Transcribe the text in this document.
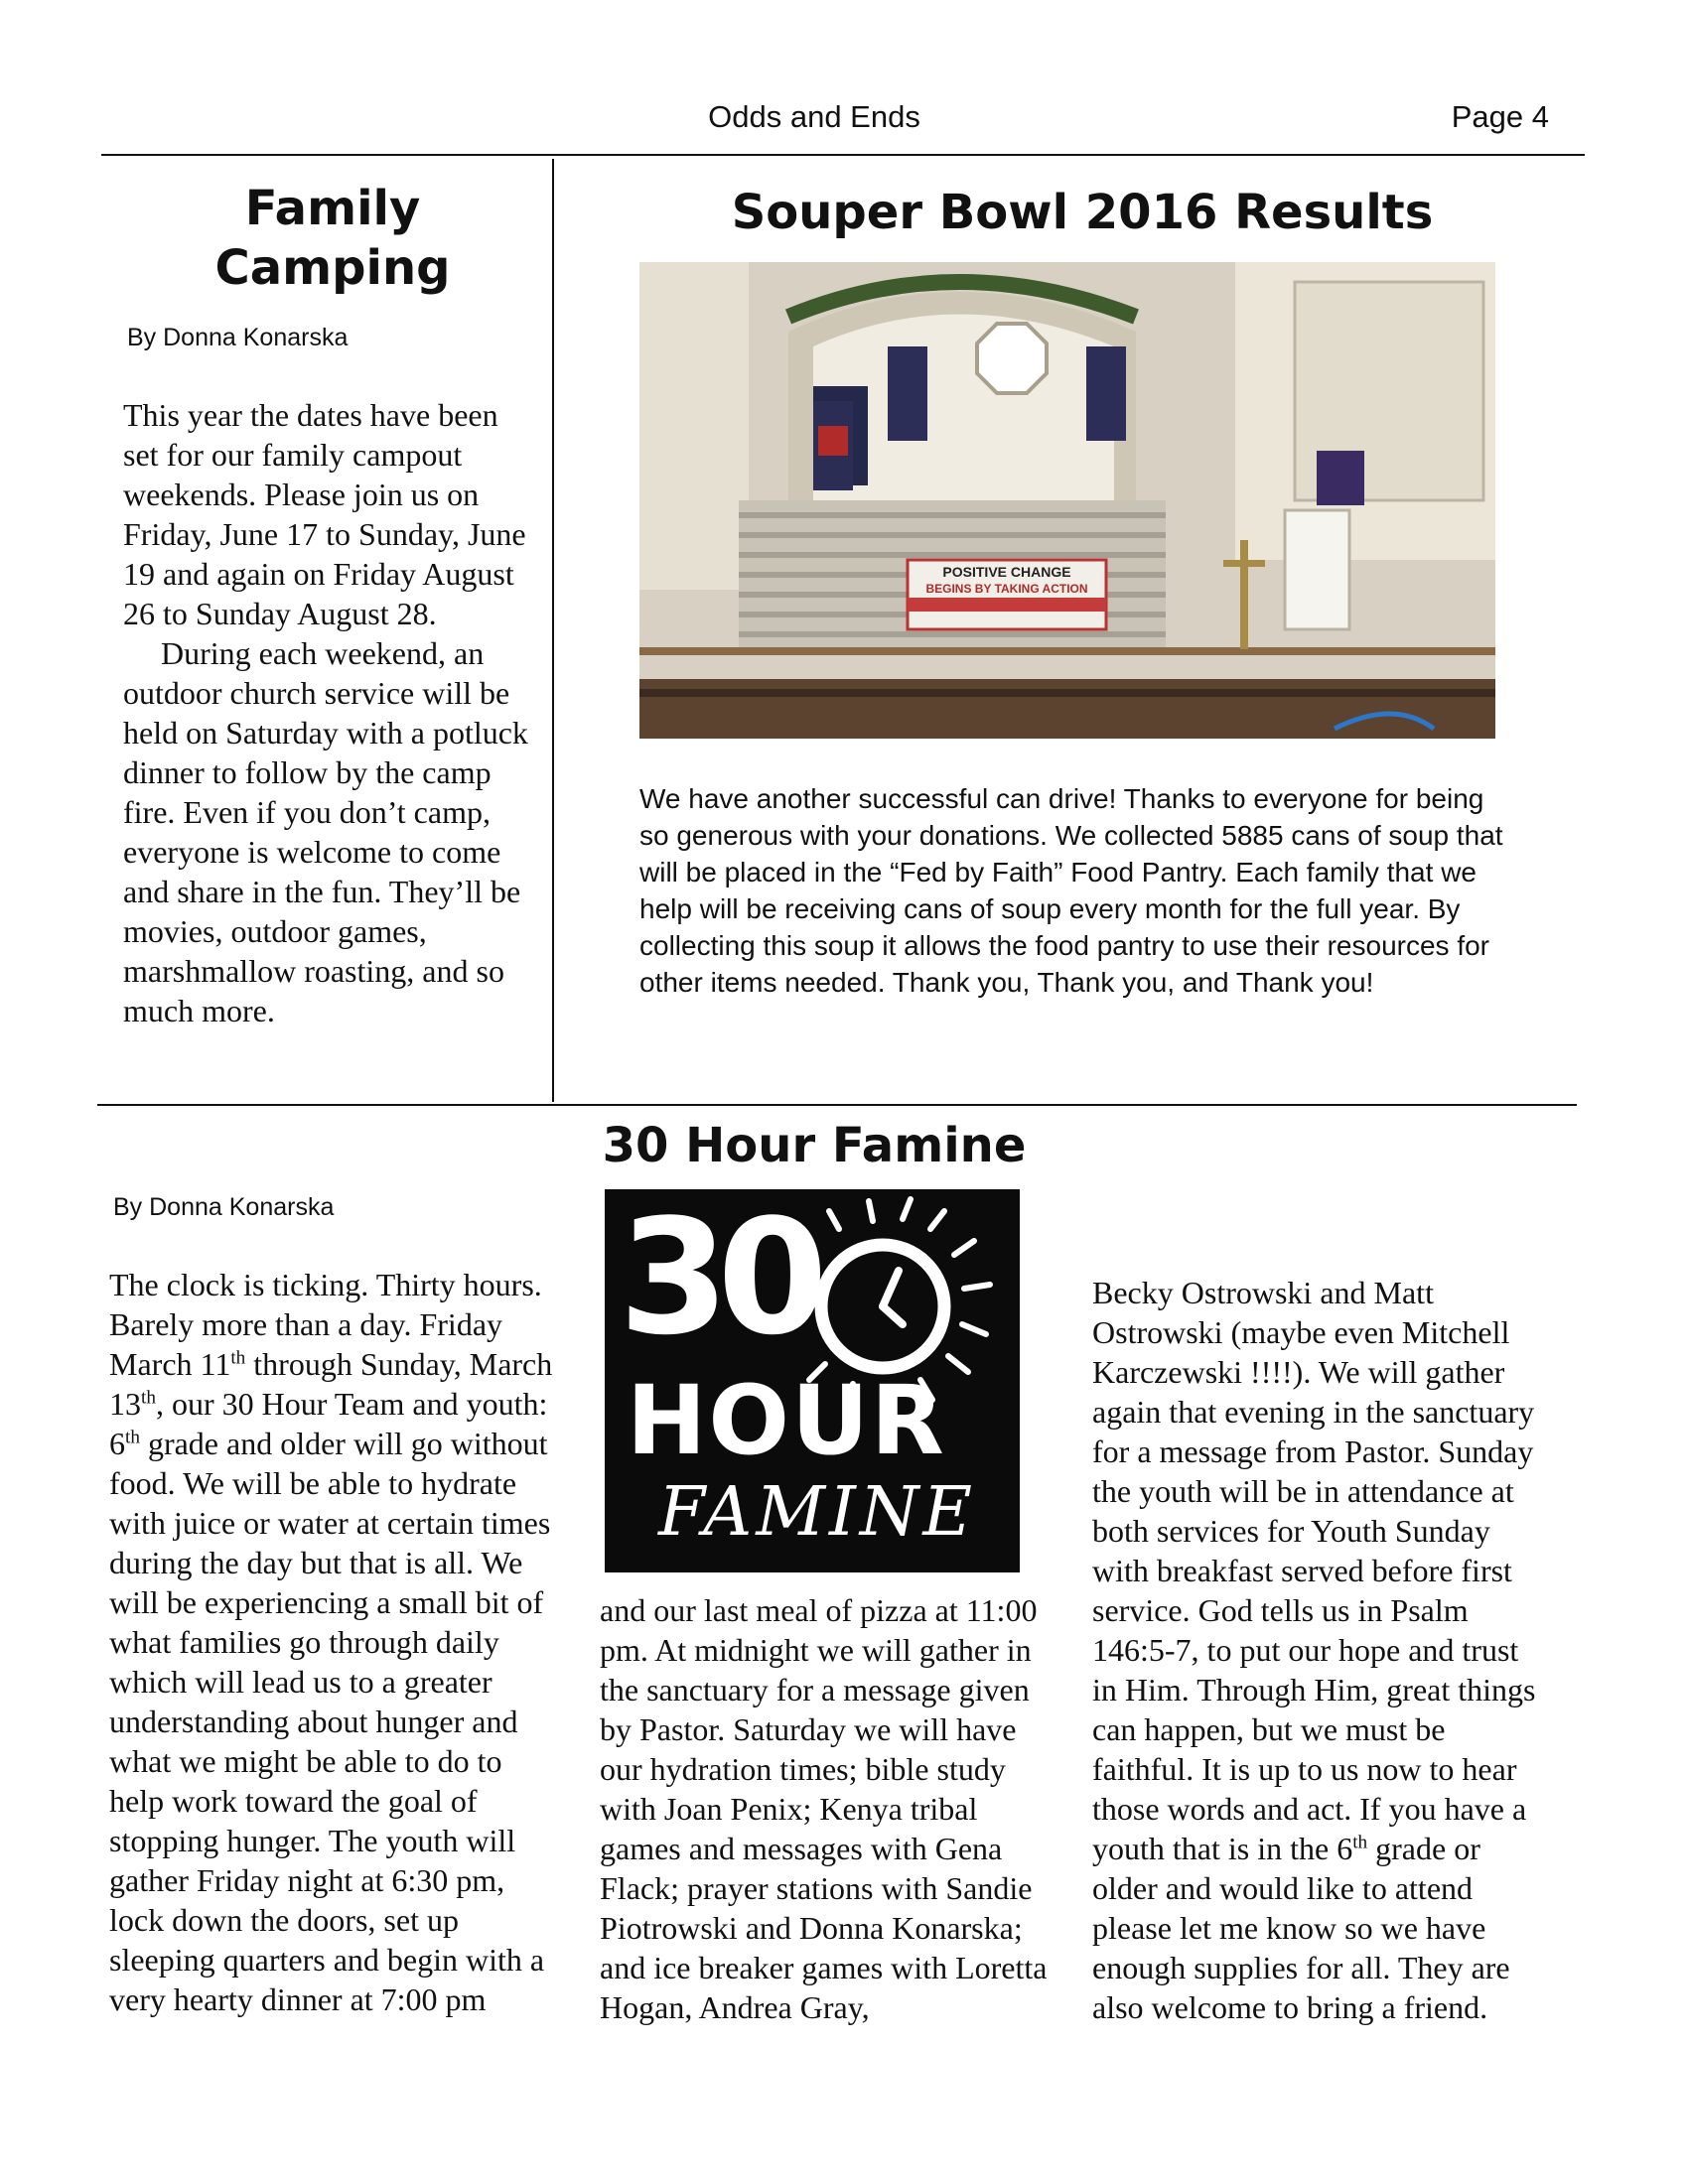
Odds and Ends	Page 4
Family
Camping
By Donna Konarska

This year the dates have been set for our family campout weekends. Please join us on Friday, June 17 to Sunday, June 19 and again on Friday August 26 to Sunday August 28.

During each weekend, an outdoor church service will be held on Saturday with a potluck dinner to follow by the camp fire. Even if you don’t camp, everyone is welcome to come and share in the fun. They’ll be movies, outdoor games, marshmallow roasting, and so much more.

Souper Bowl 2016 Results
POSITIVE CHANGE
BEGINS BY TAKING ACTION
We have another successful can drive! Thanks to everyone for being so generous with your donations. We collected 5885 cans of soup that will be placed in the “Fed by Faith” Food Pantry. Each family that we help will be receiving cans of soup every month for the full year. By collecting this soup it allows the food pantry to use their resources for other items needed. Thank you, Thank you, and Thank you!
30 Hour Famine
By Donna Konarska 30
HOUR
FAMINE
The clock is ticking. Thirty hours. Barely more than a day. Friday March 11th through Sunday, March 13th, our 30 Hour Team and youth: 6th grade and older will go without food. We will be able to hydrate with juice or water at certain times during the day but that is all. We will be experiencing a small bit of what families go through daily which will lead us to a greater understanding about hunger and what we might be able to do to help work toward the goal of stopping hunger. The youth will gather Friday night at 6:30 pm, lock down the doors, set up sleeping quarters and begin with a very hearty dinner at 7:00 pm
and our last meal of pizza at 11:00 pm. At midnight we will gather in the sanctuary for a message given by Pastor. Saturday we will have our hydration times; bible study with Joan Penix; Kenya tribal games and messages with Gena Flack; prayer stations with Sandie Piotrowski and Donna Konarska; and ice breaker games with Loretta Hogan, Andrea Gray,
Becky Ostrowski and Matt Ostrowski (maybe even Mitchell Karczewski !!!!). We will gather again that evening in the sanctuary for a message from Pastor. Sunday the youth will be in attendance at both services for Youth Sunday with breakfast served before first service. God tells us in Psalm 146:5-7, to put our hope and trust in Him. Through Him, great things can happen, but we must be faithful. It is up to us now to hear those words and act. If you have a youth that is in the 6th grade or older and would like to attend please let me know so we have enough supplies for all. They are also welcome to bring a friend.
